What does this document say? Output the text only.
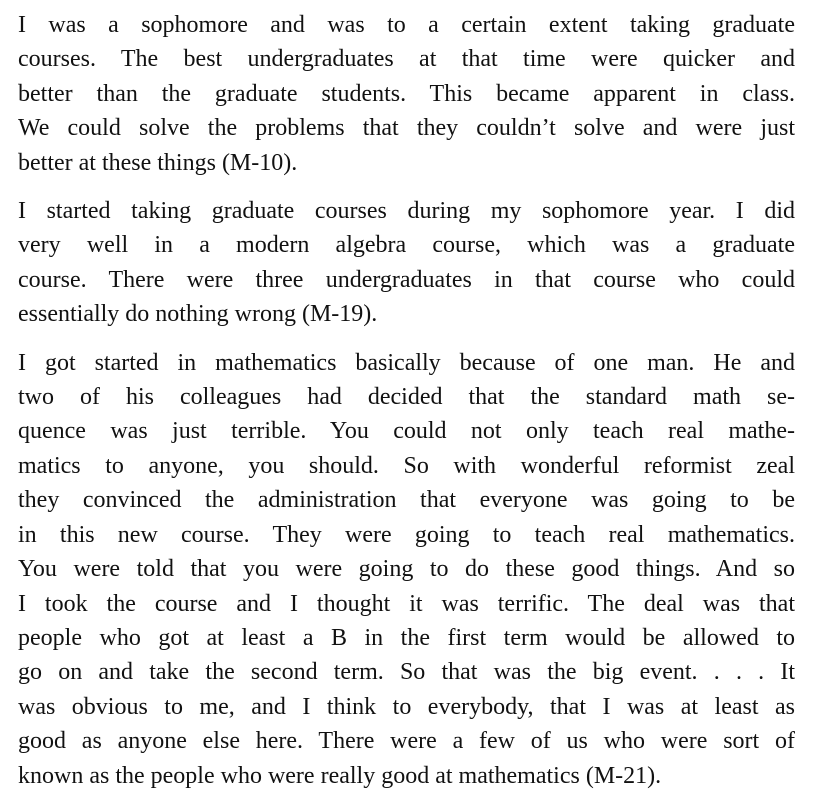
I was a sophomore and was to a certain extent taking graduate
courses. The best undergraduates at that time were quicker and
better than the graduate students. This became apparent in class.
We could solve the problems that they couldn’t solve and were just
better at these things (M-10).
I started taking graduate courses during my sophomore year. I did
very well in a modern algebra course, which was a graduate
course. There were three undergraduates in that course who could
essentially do nothing wrong (M-19).
I got started in mathematics basically because of one man. He and
two of his colleagues had decided that the standard math se-
quence was just terrible. You could not only teach real mathe-
matics to anyone, you should. So with wonderful reformist zeal
they convinced the administration that everyone was going to be
in this new course. They were going to teach real mathematics.
You were told that you were going to do these good things. And so
I took the course and I thought it was terrific. The deal was that
people who got at least a B in the first term would be allowed to
go on and take the second term. So that was the big event. . . . It
was obvious to me, and I think to everybody, that I was at least as
good as anyone else here. There were a few of us who were sort of
known as the people who were really good at mathematics (M-21).
